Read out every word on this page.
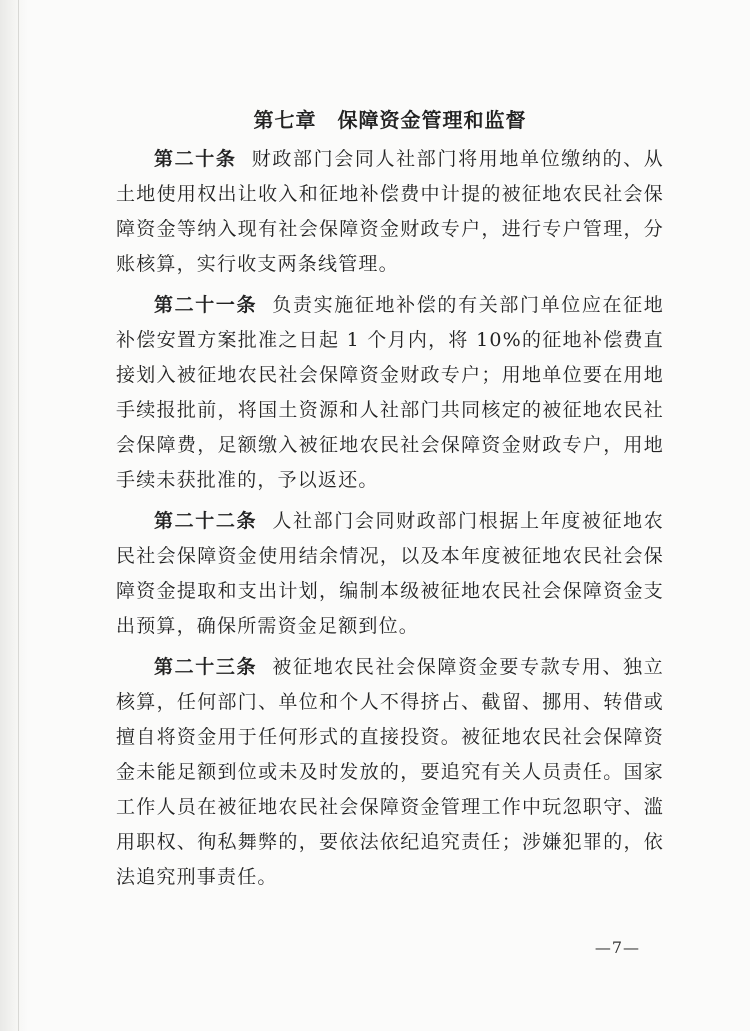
第七章　保障资金管理和监督

第二十条 财政部门会同人社部门将用地单位缴纳的、从土地使用权出让收入和征地补偿费中计提的被征地农民社会保障资金等纳入现有社会保障资金财政专户，进行专户管理，分账核算，实行收支两条线管理。

第二十一条 负责实施征地补偿的有关部门单位应在征地补偿安置方案批准之日起 1 个月内，将 10%的征地补偿费直接划入被征地农民社会保障资金财政专户；用地单位要在用地手续报批前，将国土资源和人社部门共同核定的被征地农民社会保障费，足额缴入被征地农民社会保障资金财政专户，用地手续未获批准的，予以返还。

第二十二条 人社部门会同财政部门根据上年度被征地农民社会保障资金使用结余情况，以及本年度被征地农民社会保障资金提取和支出计划，编制本级被征地农民社会保障资金支出预算，确保所需资金足额到位。

第二十三条 被征地农民社会保障资金要专款专用、独立核算，任何部门、单位和个人不得挤占、截留、挪用、转借或擅自将资金用于任何形式的直接投资。被征地农民社会保障资金未能足额到位或未及时发放的，要追究有关人员责任。国家工作人员在被征地农民社会保障资金管理工作中玩忽职守、滥用职权、徇私舞弊的，要依法依纪追究责任；涉嫌犯罪的，依法追究刑事责任。

—7—
